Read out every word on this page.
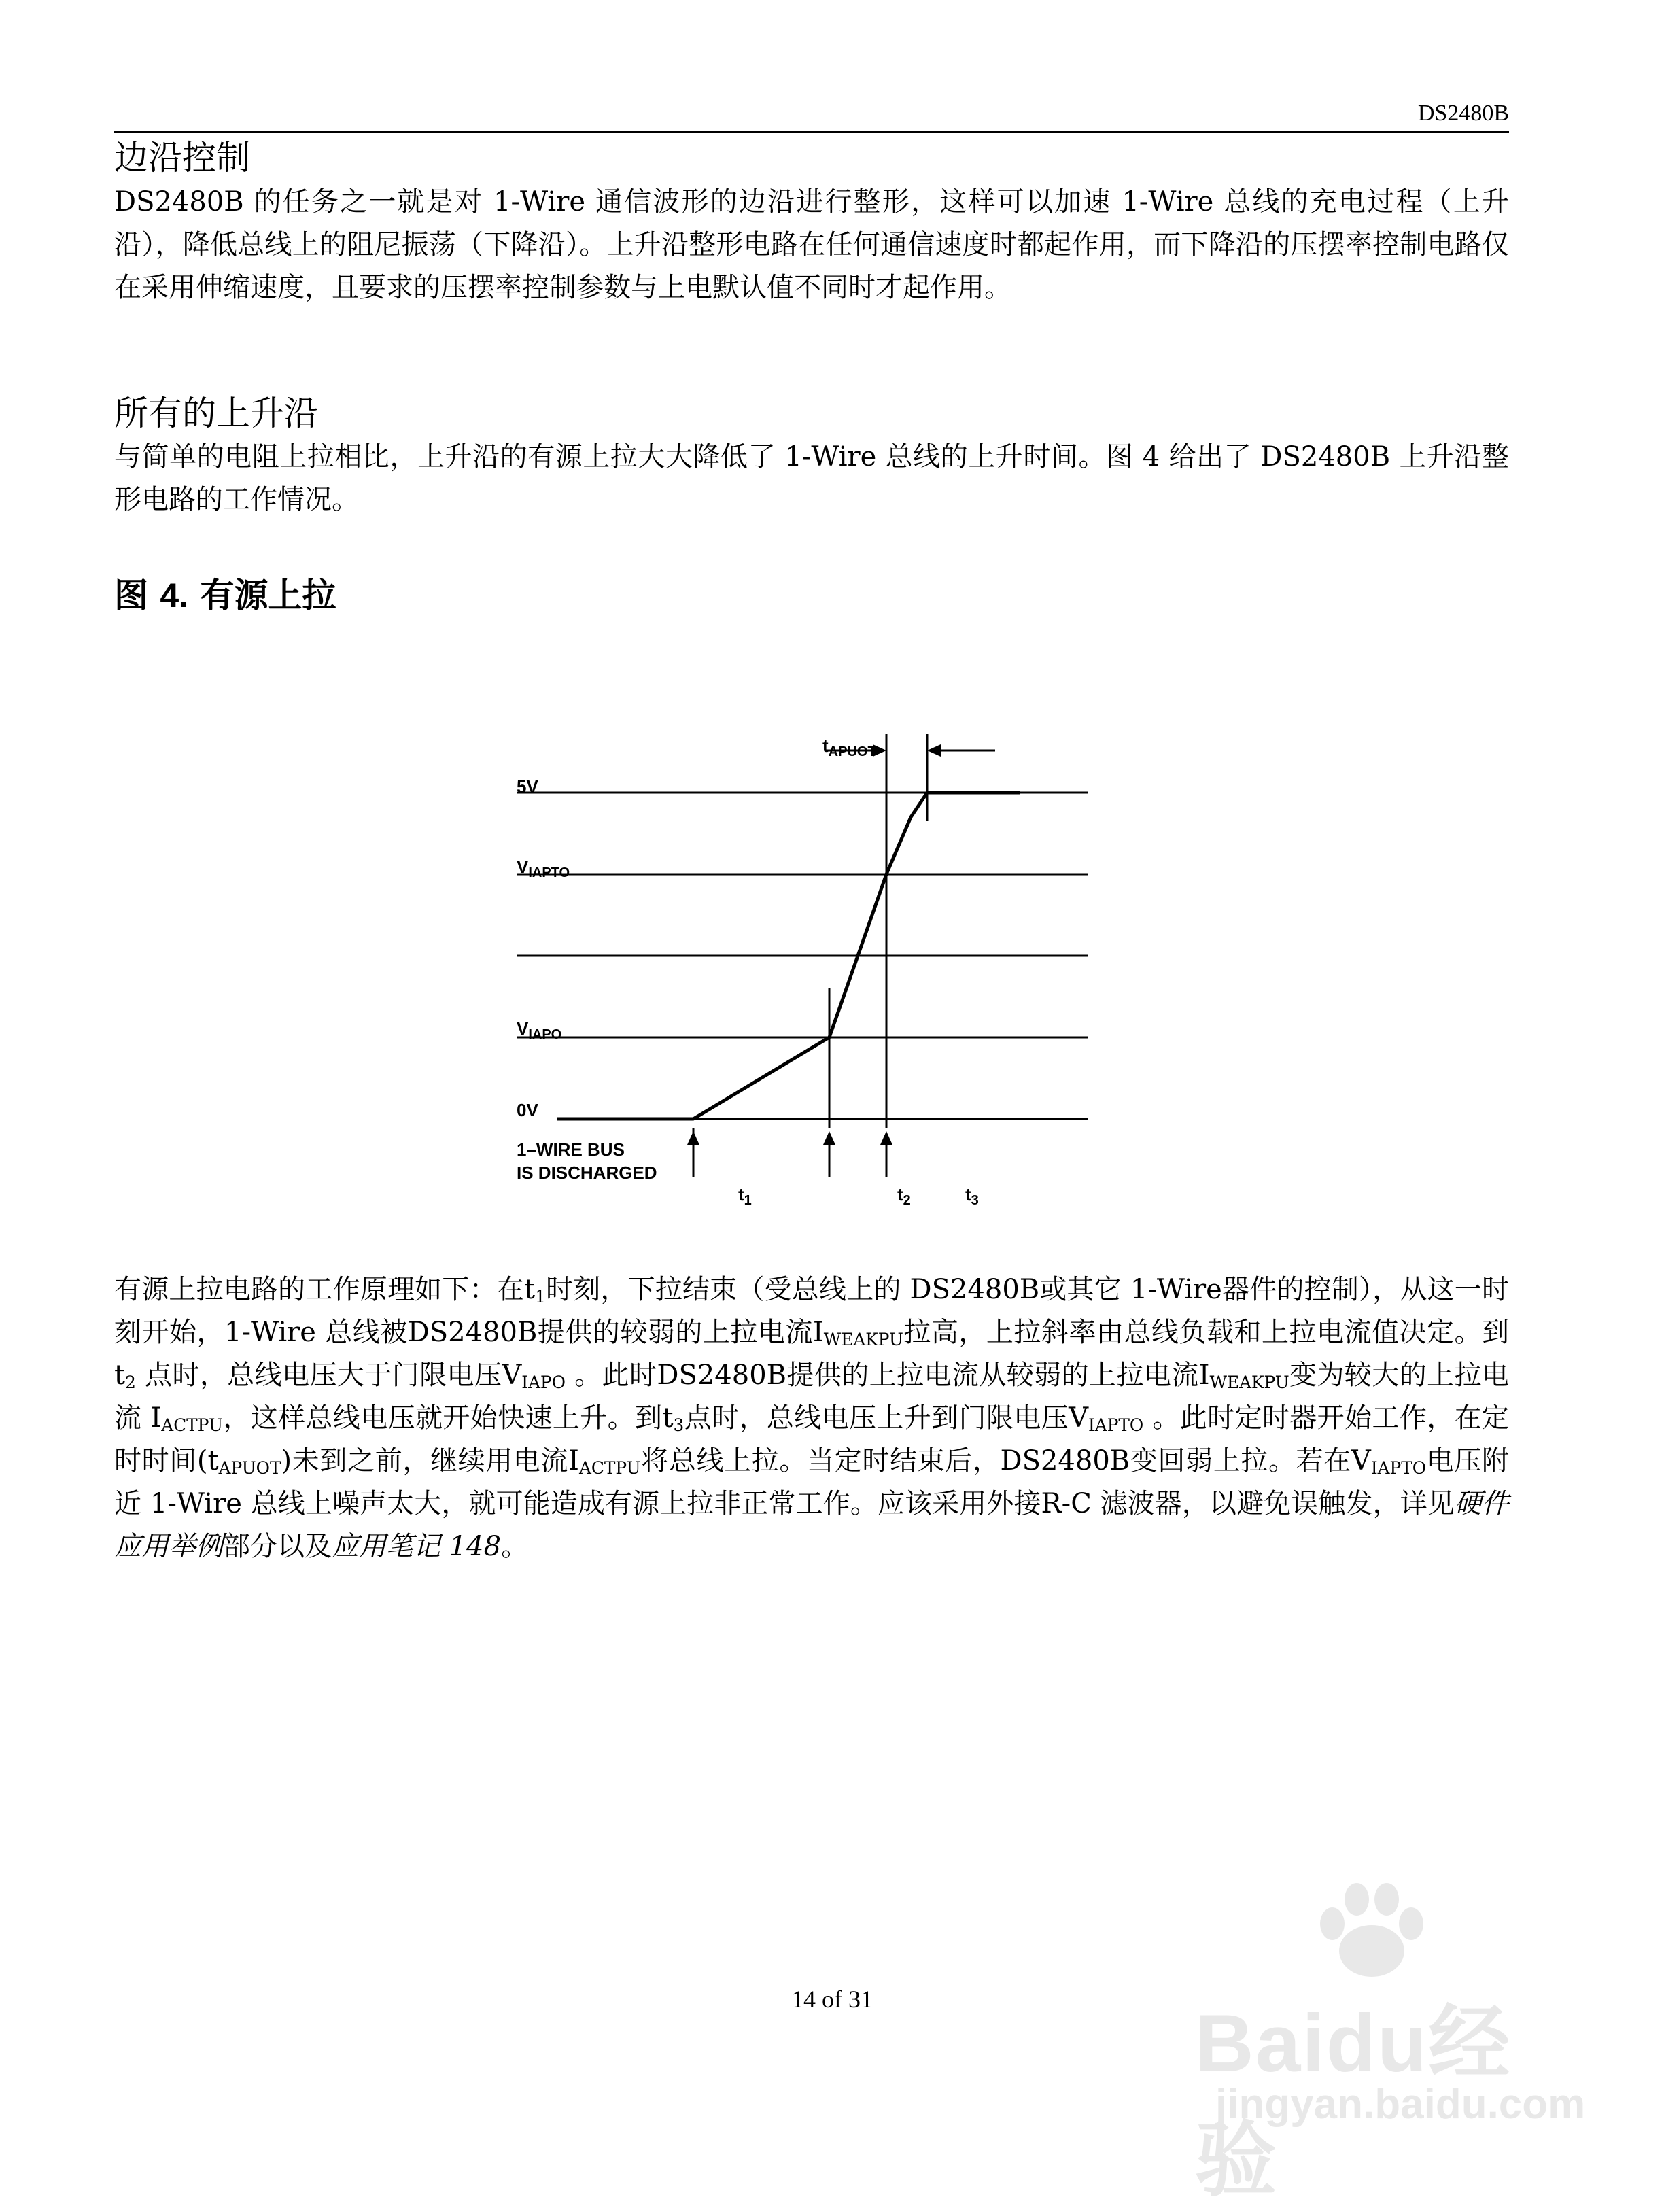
DS2480B
边沿控制

DS2480B 的任务之一就是对 1-Wire 通信波形的边沿进行整形，这样可以加速 1-Wire 总线的充电过程（上升沿），降低总线上的阻尼振荡（下降沿）。上升沿整形电路在任何通信速度时都起作用，而下降沿的压摆率控制电路仅在采用伸缩速度，且要求的压摆率控制参数与上电默认值不同时才起作用。

所有的上升沿

与简单的电阻上拉相比，上升沿的有源上拉大大降低了 1-Wire 总线的上升时间。图 4 给出了 DS2480B 上升沿整形电路的工作情况。

图 4. 有源上拉
5V
$V_{IAPTO}$
$V_{IAPO}$
0V
1–WIRE BUS
IS DISCHARGED
$t_1$	$t_2$	$t_3$
$t_{APUOT}$

有源上拉电路的工作原理如下：在$t_1$时刻，下拉结束（受总线上的 DS2480B或其它 1-Wire器件的控制），从这一时刻开始，1-Wire 总线被DS2480B提供的较弱的上拉电流$I_{WEAKPU}$拉高，上拉斜率由总线负载和上拉电流值决定。到$t_2$ 点时，总线电压大于门限电压$V_{IAPO}$ 。此时DS2480B提供的上拉电流从较弱的上拉电流$I_{WEAKPU}$变为较大的上拉电流 $I_{ACTPU}$，这样总线电压就开始快速上升。到$t_3$点时，总线电压上升到门限电压$V_{IAPTO}$ 。此时定时器开始工作，在定时时间$(t_{APUOT})$未到之前，继续用电流$I_{ACTPU}$将总线上拉。当定时结束后，DS2480B变回弱上拉。若在$V_{IAPTO}$电压附近 1-Wire 总线上噪声太大，就可能造成有源上拉非正常工作。应该采用外接R-C 滤波器，以避免误触发，详见硬件应用举例部分以及应用笔记 148。

14 of 31	Baidu经验
jingyan.baidu.com
